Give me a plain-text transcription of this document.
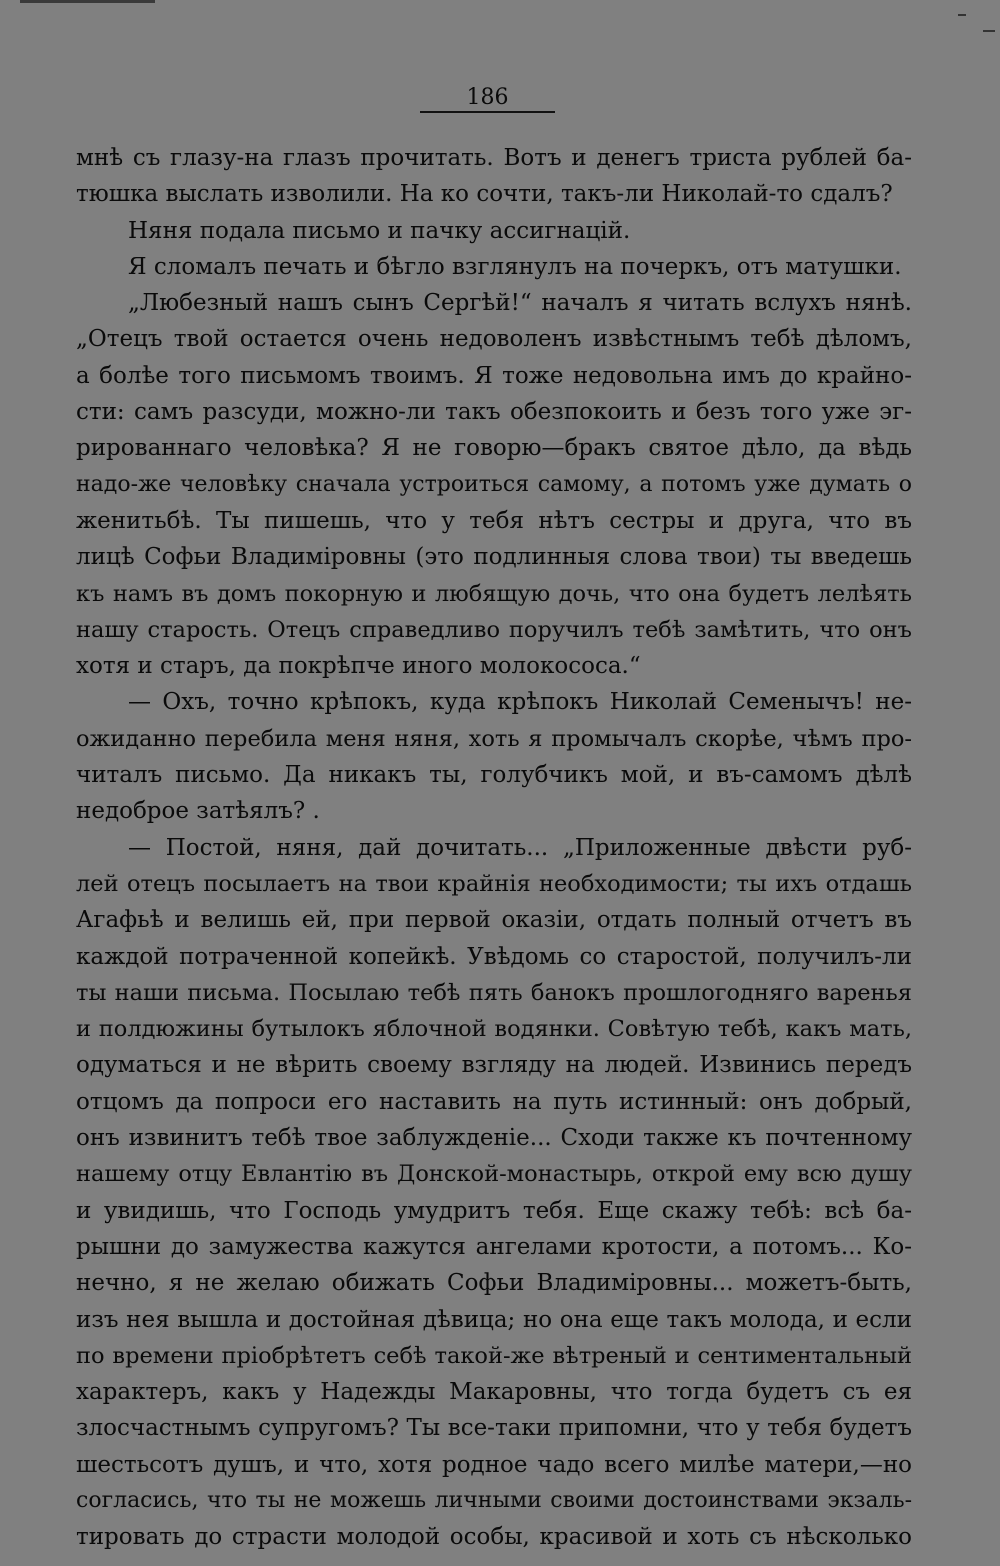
186
мнѣ съ глазу-на глазъ прочитать. Вотъ и денегъ триста рублей ба-
тюшка выслать изволили. На ко сочти, такъ-ли Николай-то сдалъ?
Няня подала письмо и пачку ассигнацій.
Я сломалъ печать и бѣгло взглянулъ на почеркъ, отъ матушки.
„Любезный нашъ сынъ Сергѣй!“ началъ я читать вслухъ нянѣ.
„Отецъ твой остается очень недоволенъ извѣстнымъ тебѣ дѣломъ,
а болѣе того письмомъ твоимъ. Я тоже недовольна имъ до крайно-
сти: самъ разсуди, можно-ли такъ обезпокоить и безъ того уже эг-
рированнаго человѣка? Я не говорю—бракъ святое дѣло, да вѣдь
надо-же человѣку сначала устроиться самому, а потомъ уже думать о
женитьбѣ. Ты пишешь, что у тебя нѣтъ сестры и друга, что въ
лицѣ Софьи Владиміровны (это подлинныя слова твои) ты введешь
къ намъ въ домъ покорную и любящую дочь, что она будетъ лелѣять
нашу старость. Отецъ справедливо поручилъ тебѣ замѣтить, что онъ
хотя и старъ, да покрѣпче иного молокососа.“
— Охъ, точно крѣпокъ, куда крѣпокъ Николай Семенычъ! не-
ожиданно перебила меня няня, хоть я промычалъ скорѣе, чѣмъ про-
читалъ письмо. Да никакъ ты, голубчикъ мой, и въ-самомъ дѣлѣ
недоброе затѣялъ? .
— Постой, няня, дай дочитать... „Приложенные двѣсти руб-
лей отецъ посылаетъ на твои крайнія необходимости; ты ихъ отдашь
Агафьѣ и велишь ей, при первой оказіи, отдать полный отчетъ въ
каждой потраченной копейкѣ. Увѣдомь со старостой, получилъ-ли
ты наши письма. Посылаю тебѣ пять банокъ прошлогодняго варенья
и полдюжины бутылокъ яблочной водянки. Совѣтую тебѣ, какъ мать,
одуматься и не вѣрить своему взгляду на людей. Извинись передъ
отцомъ да попроси его наставить на путь истинный: онъ добрый,
онъ извинитъ тебѣ твое заблужденіе... Сходи также къ почтенному
нашему отцу Евлантію въ Донской-монастырь, открой ему всю душу
и увидишь, что Господь умудритъ тебя. Еще скажу тебѣ: всѣ ба-
рышни до замужества кажутся ангелами кротости, а потомъ... Ко-
нечно, я не желаю обижать Софьи Владиміровны... можетъ-быть,
изъ нея вышла и достойная дѣвица; но она еще такъ молода, и если
по времени пріобрѣтетъ себѣ такой-же вѣтреный и сентиментальный
характеръ, какъ у Надежды Макаровны, что тогда будетъ съ ея
злосчастнымъ супругомъ? Ты все-таки припомни, что у тебя будетъ
шестьсотъ душъ, и что, хотя родное чадо всего милѣе матери,—но
согласись, что ты не можешь личными своими достоинствами экзаль-
тировать до страсти молодой особы, красивой и хоть съ нѣсколько
